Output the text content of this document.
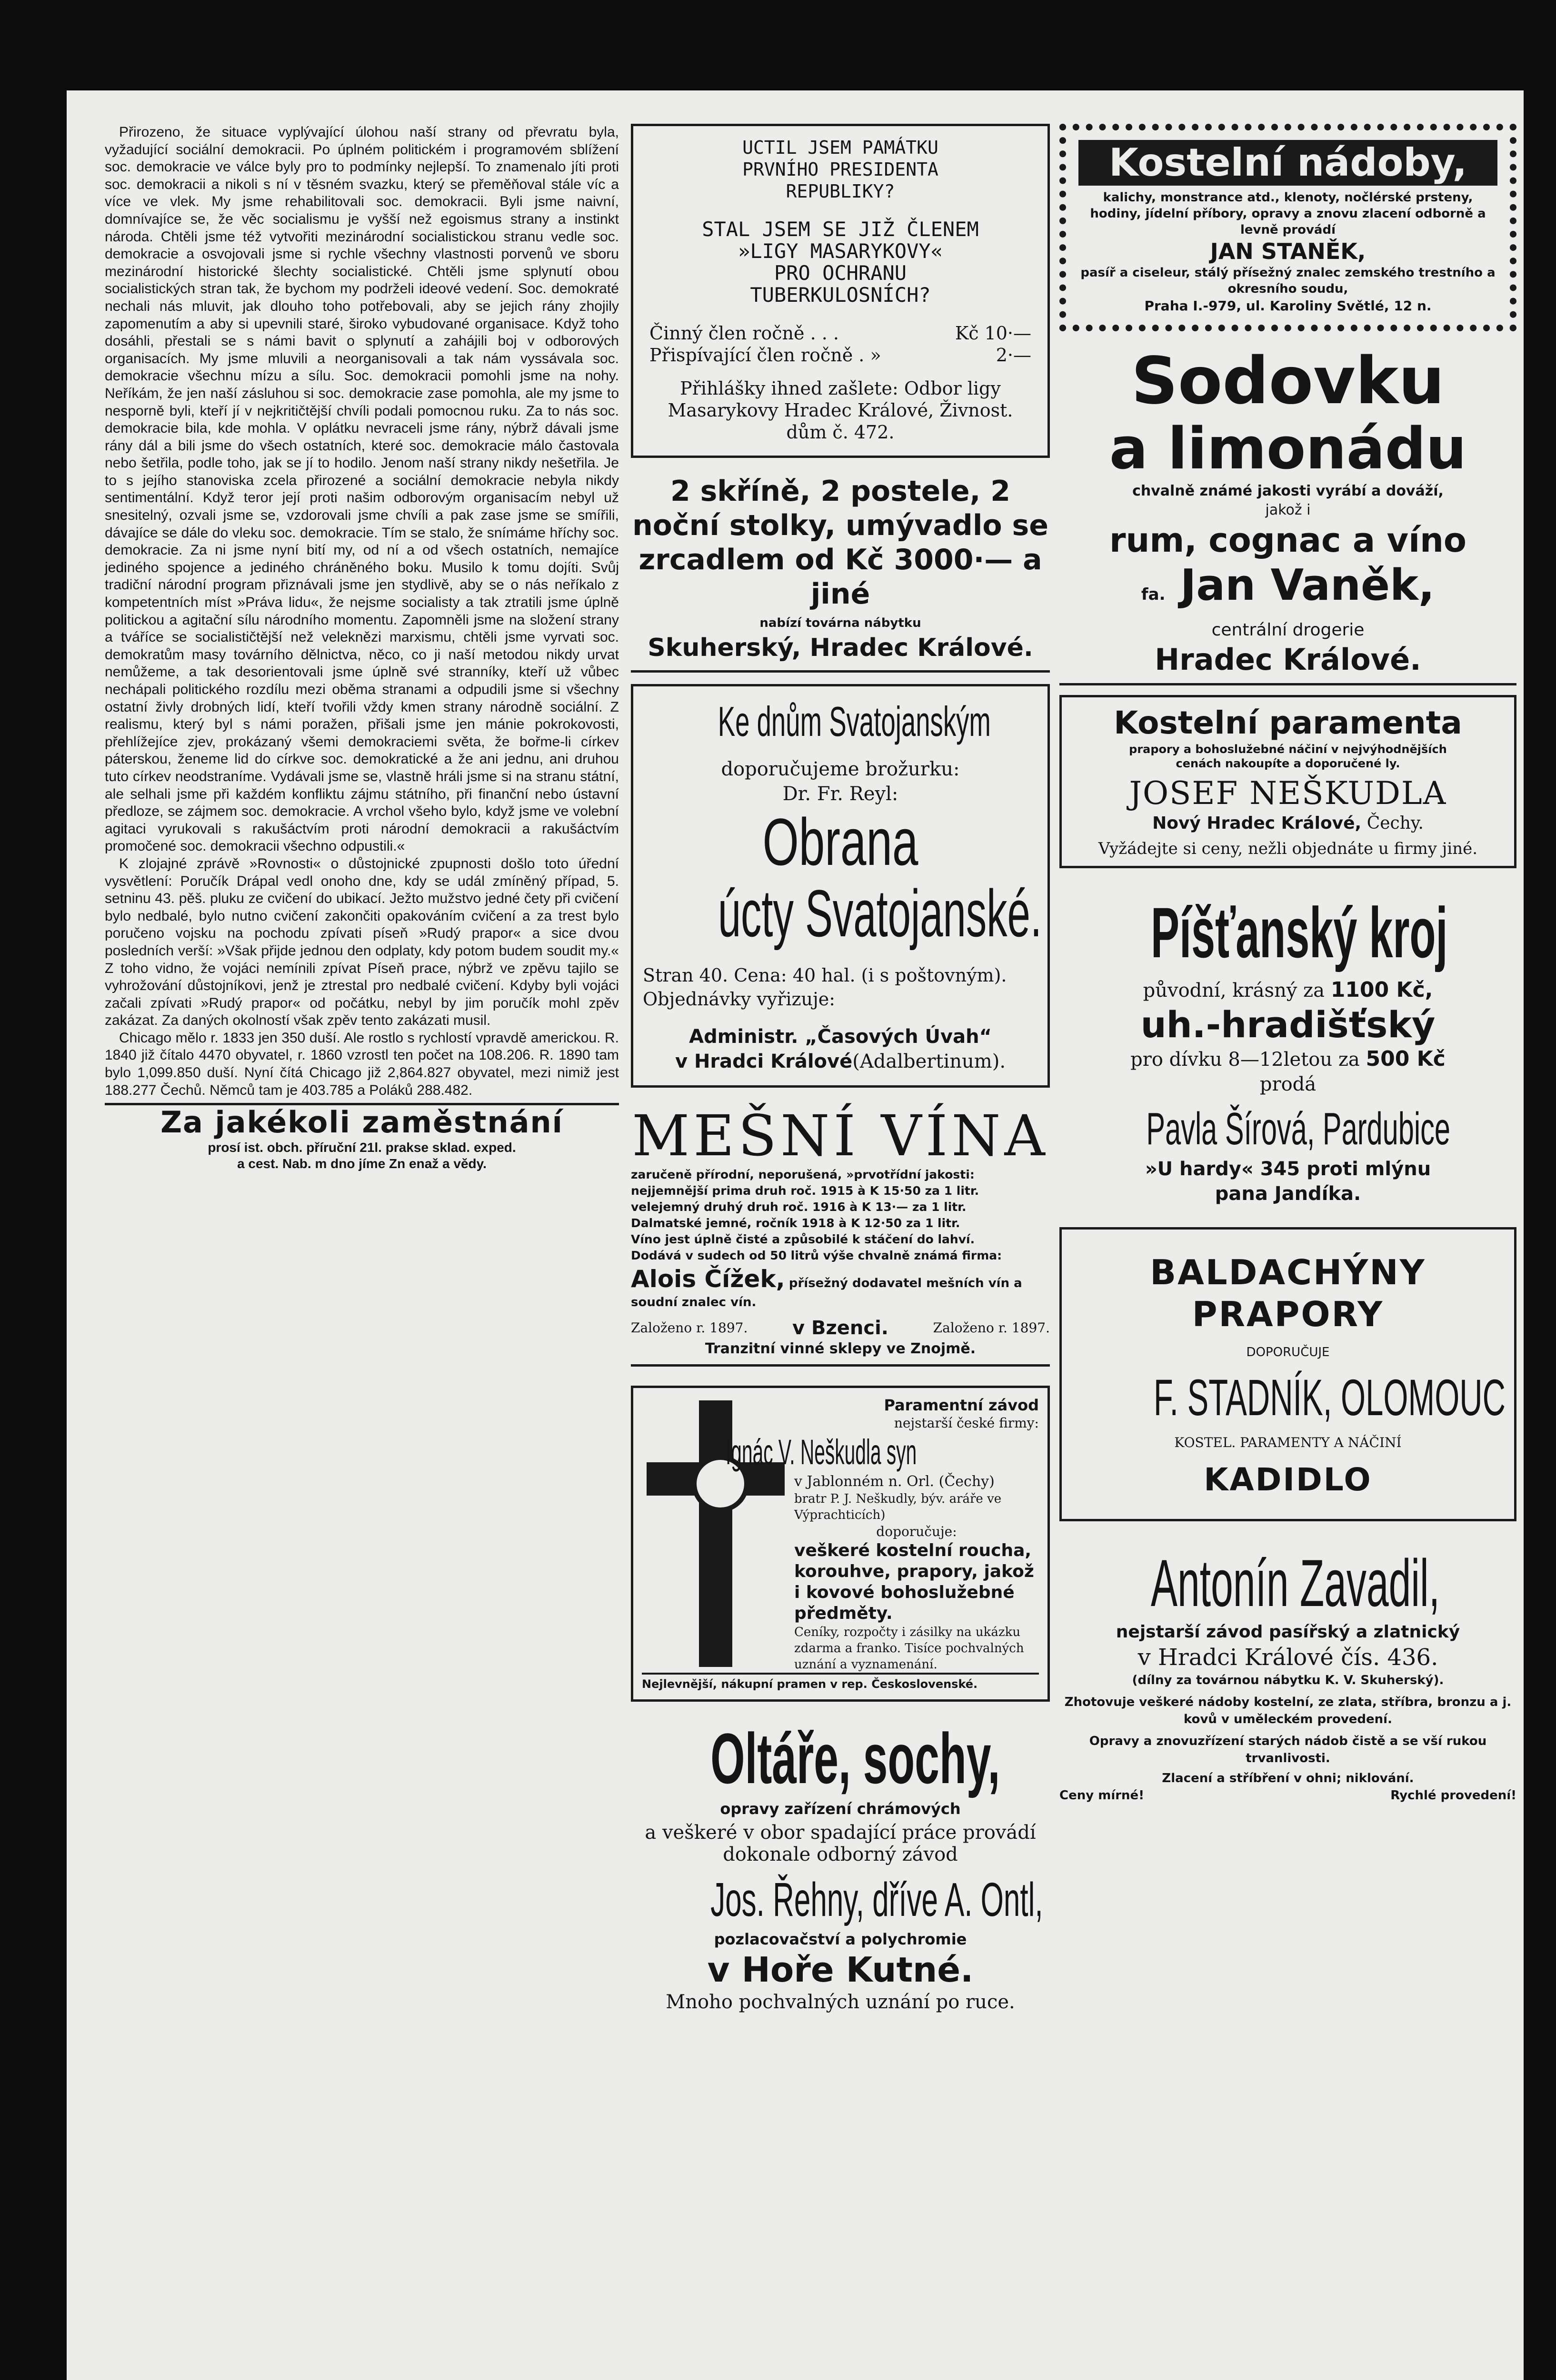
Přirozeno, že situace vyplývající úlohou naší strany od převratu byla, vyžadující sociální demokracii. Po úplném politickém i programovém sblížení soc. demokracie ve válce byly pro to podmínky nejlepší. To znamenalo jíti proti soc. demokracii a nikoli s ní v těsném svazku, který se přeměňoval stále víc a více ve vlek. My jsme rehabilitovali soc. demokracii. Byli jsme naivní, domnívajíce se, že věc socialismu je vyšší než egoismus strany a instinkt národa. Chtěli jsme též vytvořiti mezinárodní socialistickou stranu vedle soc. demokracie a osvojovali jsme si rychle všechny vlastnosti porvenů ve sboru mezinárodní historické šlechty socialistické. Chtěli jsme splynutí obou socialistických stran tak, že bychom my podrželi ideové vedení. Soc. demokraté nechali nás mluvit, jak dlouho toho potřebovali, aby se jejich rány zhojily zapomenutím a aby si upevnili staré, široko vybudované organisace. Když toho dosáhli, přestali se s námi bavit o splynutí a zahájili boj v odborových organisacích. My jsme mluvili a neorganisovali a tak nám vyssávala soc. demokracie všechnu mízu a sílu. Soc. demokracii pomohli jsme na nohy. Neříkám, že jen naší zásluhou si soc. demokracie zase pomohla, ale my jsme to nesporně byli, kteří jí v nejkritičtější chvíli podali pomocnou ruku. Za to nás soc. demokracie bila, kde mohla. V oplátku nevraceli jsme rány, nýbrž dávali jsme rány dál a bili jsme do všech ostatních, které soc. demokracie málo častovala nebo šetřila, podle toho, jak se jí to hodilo. Jenom naší strany nikdy nešetřila. Je to s jejího stanoviska zcela přirozené a sociální demokracie nebyla nikdy sentimentální. Když teror její proti našim odborovým organisacím nebyl už snesitelný, ozvali jsme se, vzdorovali jsme chvíli a pak zase jsme se smířili, dávajíce se dále do vleku soc. demokracie. Tím se stalo, že snímáme hříchy soc. demokracie. Za ni jsme nyní bití my, od ní a od všech ostatních, nemajíce jediného spojence a jediného chráněného boku. Musilo k tomu dojíti. Svůj tradiční národní program přiznávali jsme jen stydlivě, aby se o nás neříkalo z kompetentních míst »Práva lidu«, že nejsme socialisty a tak ztratili jsme úplně politickou a agitační sílu národního momentu. Zapomněli jsme na složení strany a tváříce se socialističtější než veleknězi marxismu, chtěli jsme vyrvati soc. demokratům masy továrního dělnictva, něco, co ji naší metodou nikdy urvat nemůžeme, a tak desorientovali jsme úplně své stranníky, kteří už vůbec nechápali politického rozdílu mezi oběma stranami a odpudili jsme si všechny ostatní živly drobných lidí, kteří tvořili vždy kmen strany národně sociální. Z realismu, který byl s námi poražen, přišali jsme jen mánie pokrokovosti, přehlížejíce zjev, prokázaný všemi demokraciemi světa, že bořme-li církev páterskou, ženeme lid do církve soc. demokratické a že ani jednu, ani druhou tuto církev neodstraníme. Vydávali jsme se, vlastně hráli jsme si na stranu státní, ale selhali jsme při každém konfliktu zájmu státního, při finanční nebo ústavní předloze, se zájmem soc. demokracie. A vrchol všeho bylo, když jsme ve volební agitaci vyrukovali s rakušáctvím proti národní demokracii a rakušáctvím promočené soc. demokracii všechno odpustili.«

K zlojajné zprávě »Rovnosti« o důstojnické zpupnosti došlo toto úřední vysvětlení: Poručík Drápal vedl onoho dne, kdy se udál zmíněný případ, 5. setninu 43. pěš. pluku ze cvičení do ubikací. Ježto mužstvo jedné čety při cvičení bylo nedbalé, bylo nutno cvičení zakončiti opakováním cvičení a za trest bylo poručeno vojsku na pochodu zpívati píseň »Rudý prapor« a sice dvou posledních verší: »Však přijde jednou den odplaty, kdy potom budem soudit my.« Z toho vidno, že vojáci nemínili zpívat Píseň prace, nýbrž ve zpěvu tajilo se vyhrožování důstojníkovi, jenž je ztrestal pro nedbalé cvičení. Kdyby byli vojáci začali zpívati »Rudý prapor« od počátku, nebyl by jim poručík mohl zpěv zakázat. Za daných okolností však zpěv tento zakázati musil.

Chicago mělo r. 1833 jen 350 duší. Ale rostlo s rychlostí vpravdě americkou. R. 1840 již čítalo 4470 obyvatel, r. 1860 vzrostl ten počet na 108.206. R. 1890 tam bylo 1,099.850 duší. Nyní čítá Chicago již 2,864.827 obyvatel, mezi nimiž jest 188.277 Čechů. Němců tam je 403.785 a Poláků 288.482.

Za jakékoli zaměstnání

prosí ist. obch. příruční 21l. prakse sklad. exped.

a cest. Nab. m dno jíme Zn enaž a vědy.

UCTIL JSEM PAMÁTKU
PRVNÍHO PRESIDENTA
REPUBLIKY?
STAL JSEM SE JIŽ ČLENEM
»LIGY MASARYKOVY«
PRO OCHRANU
TUBERKULOSNÍCH?
Činný člen ročně . . .	Kč 10·—
Přispívající člen ročně . »	2·—
Přihlášky ihned zašlete: Odbor ligy Masarykovy Hradec Králové, Živnost. dům č. 472.
2 skříně, 2 postele, 2 noční stolky, umývadlo se zrcadlem od Kč 3000·— a jiné
nabízí továrna nábytku
Skuherský, Hradec Králové.
Ke dnům Svatojanským
doporučujeme brožurku:
Dr. Fr. Reyl:
Obrana
úcty Svatojanské.
Stran 40. Cena: 40 hal. (i s poštovným). Objednávky vyřizuje:
Administr. „Časových Úvah“
v Hradci Králové(Adalbertinum).
MEŠNÍ VÍNA
zaručeně přírodní, neporušená, »prvotřídní jakosti:
nejjemnější prima druh roč. 1915 à K 15·50 za 1 litr.
velejemný druhý druh roč. 1916 à K 13·— za 1 litr.
Dalmatské jemné, ročník 1918 à K 12·50 za 1 litr.
Víno jest úplně čisté a způsobilé k stáčení do lahví.
Dodává v sudech od 50 litrů výše chvalně známá firma:
Alois Čížek, přísežný dodavatel mešních vín a soudní znalec vín.
Založeno r. 1897. v Bzenci.	Založeno r. 1897.
Tranzitní vinné sklepy ve Znojmě.
Paramentní závod
nejstarší české firmy:
Ignác V. Neškudla syn
v Jablonném n. Orl. (Čechy)
bratr P. J. Neškudly, býv. aráře ve Výprachticích)
doporučuje:
veškeré kostelní roucha, korouhve, prapory, jakož i kovové bohoslužebné předměty.
Ceníky, rozpočty i zásilky na ukázku zdarma a franko. Tisíce pochvalných uznání a vyznamenání.
Nejlevnější, nákupní pramen v rep. Československé.
Oltáře, sochy,
opravy zařízení chrámových
a veškeré v obor spadající práce provádí dokonale odborný závod
Jos. Řehny, dříve A. Ontl,
pozlacovačství a polychromie
v Hoře Kutné.
Mnoho pochvalných uznání po ruce.
Kostelní nádoby,
kalichy, monstrance atd., klenoty, nočlérské prsteny, hodiny, jídelní příbory, opravy a znovu zlacení odborně a levně provádí
JAN STANĚK,
pasíř a ciseleur, stálý přísežný znalec zemského trestního a okresního soudu,
Praha I.-979, ul. Karoliny Světlé, 12 n.
Sodovku
a limonádu
chvalně známé jakosti vyrábí a dováží,
jakož i
rum, cognac a víno
fa. Jan Vaněk,
centrální drogerie
Hradec Králové.
Kostelní paramenta
prapory a bohoslužebné náčiní v nejvýhodnějších
cenách nakoupíte a doporučené ly.
JOSEF NEŠKUDLA
Nový Hradec Králové, Čechy.
Vyžádejte si ceny, nežli objednáte u firmy jiné.
Píšťanský kroj
původní, krásný za 1100 Kč,
uh.-hradišťský
pro dívku 8—12letou za 500 Kč
prodá
Pavla Šírová, Pardubice
»U hardy« 345 proti mlýnu
pana Jandíka.
BALDACHÝNY
PRAPORY
DOPORUČUJE
F. STADNÍK, OLOMOUC
KOSTEL. PARAMENTY A NÁČINÍ
KADIDLO
Antonín Zavadil,
nejstarší závod pasířský a zlatnický
v Hradci Králové čís. 436.
(dílny za továrnou nábytku K. V. Skuherský).
Zhotovuje veškeré nádoby kostelní, ze zlata, stříbra, bronzu a j. kovů v uměleckém provedení.
Opravy a znovuzřízení starých nádob čistě a se vší rukou trvanlivosti.
Zlacení a stříbření v ohni; niklování.
Ceny mírné!	Rychlé provedení!
